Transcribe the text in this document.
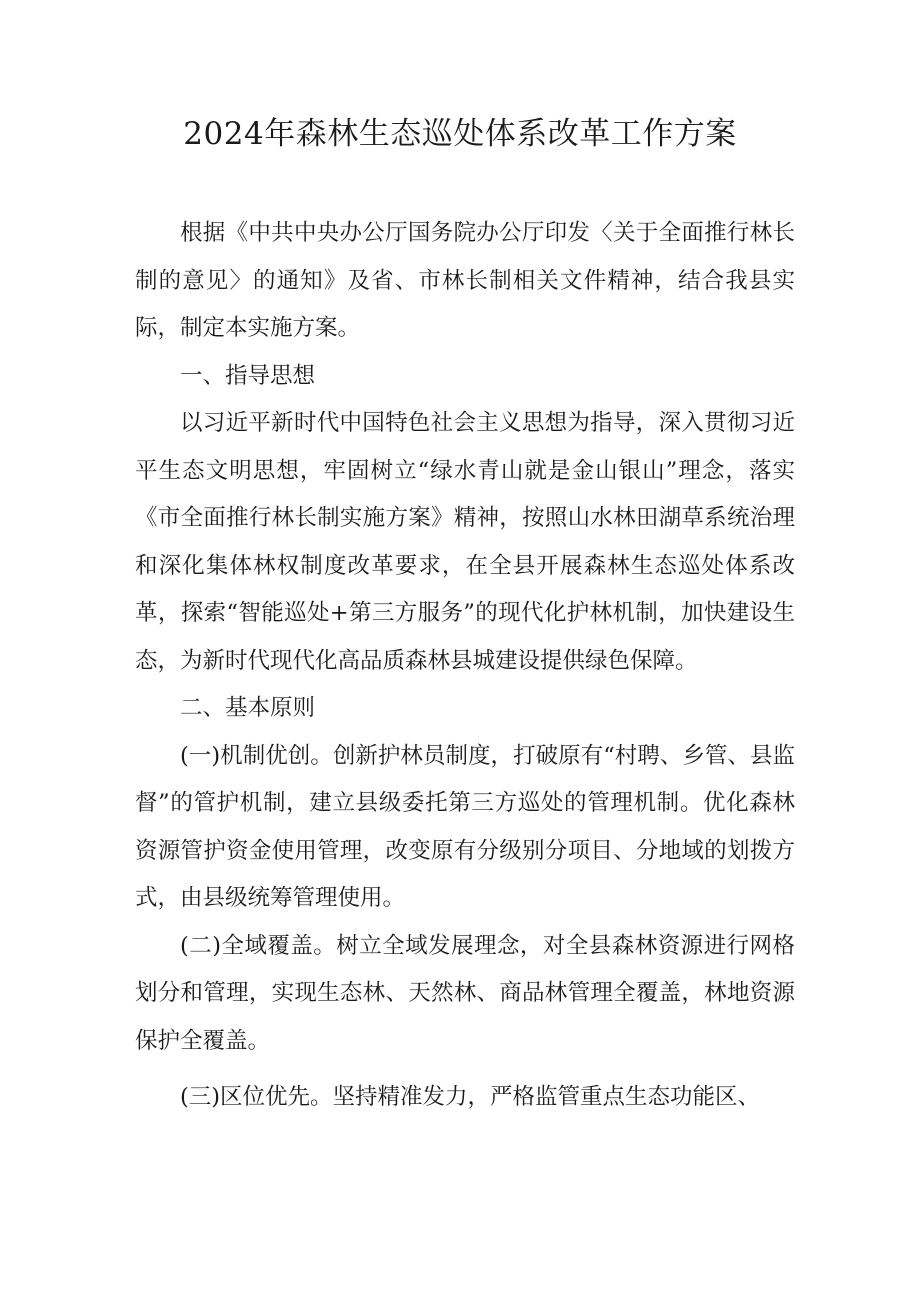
2024年森林生态巡处体系改革工作方案

根据《中共中央办公厅国务院办公厅印发〈关于全面推行林长制的意见〉的通知》及省、市林长制相关文件精神，结合我县实际，制定本实施方案。

一、指导思想

以习近平新时代中国特色社会主义思想为指导，深入贯彻习近平生态文明思想，牢固树立“绿水青山就是金山银山”理念，落实《市全面推行林长制实施方案》精神，按照山水林田湖草系统治理和深化集体林权制度改革要求，在全县开展森林生态巡处体系改革，探索“智能巡处+第三方服务”的现代化护林机制，加快建设生态，为新时代现代化高品质森林县城建设提供绿色保障。

二、基本原则

(一)机制优创。创新护林员制度，打破原有“村聘、乡管、县监督”的管护机制，建立县级委托第三方巡处的管理机制。优化森林资源管护资金使用管理，改变原有分级别分项目、分地域的划拨方式，由县级统筹管理使用。

(二)全域覆盖。树立全域发展理念，对全县森林资源进行网格划分和管理，实现生态林、天然林、商品林管理全覆盖，林地资源保护全覆盖。

(三)区位优先。坚持精准发力，严格监管重点生态功能区、
